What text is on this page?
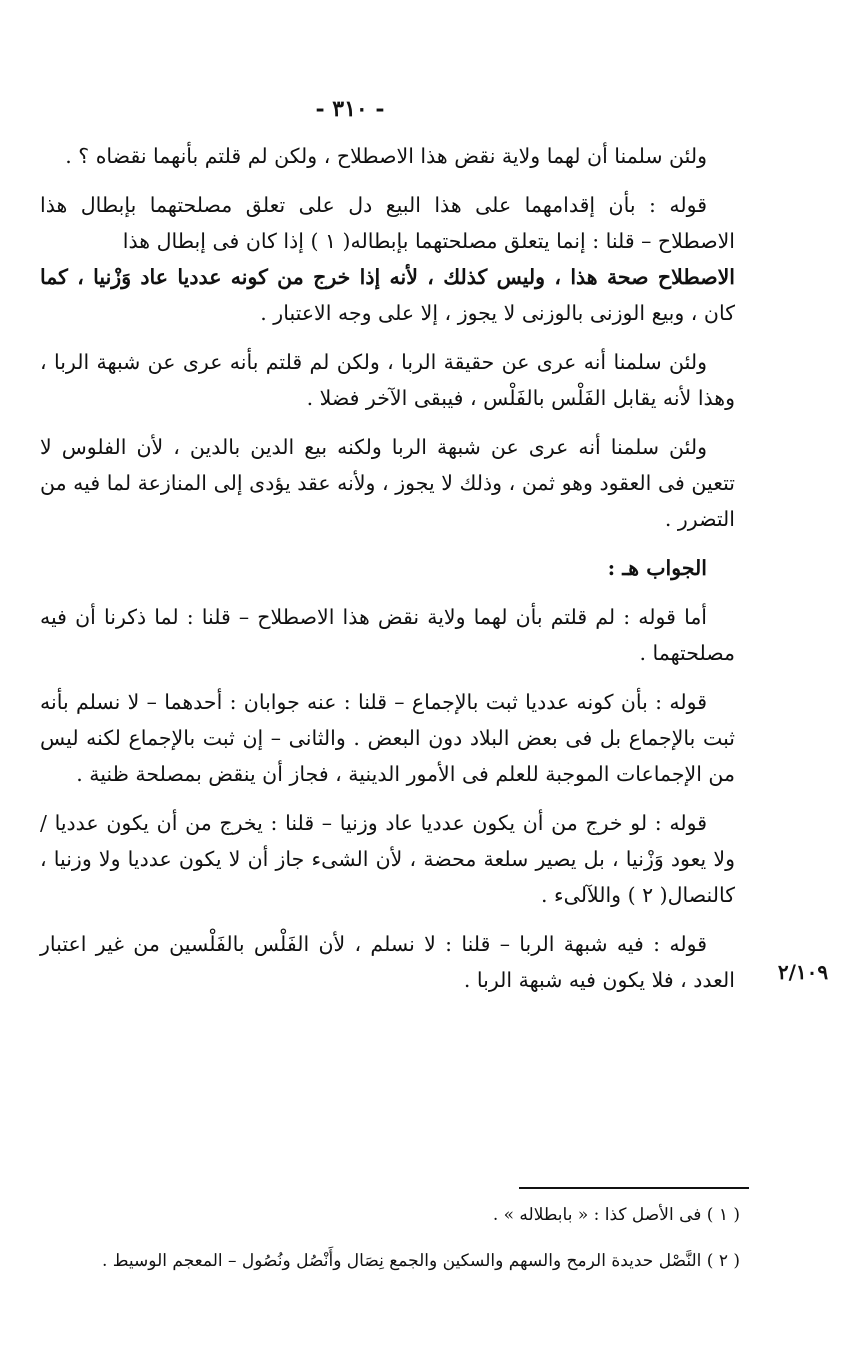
- ٣١٠ -

ولئن سلمنا أن لهما ولاية نقض هذا الاصطلاح ، ولكن لم قلتم بأنهما نقضاه ؟ .

قوله : بأن إقدامهما على هذا البيع دل على تعلق مصلحتهما بإبطال هذا الاصطلاح – قلنا : إنما يتعلق مصلحتهما بإبطاله( ١ ) إذا كان فى إبطال هذا

الاصطلاح صحة هذا ، وليس كذلك ، لأنه إذا خرج من كونه عدديا عاد وَزْنيا ، كما كان ، وبيع الوزنى بالوزنى لا يجوز ، إلا على وجه الاعتبار .

ولئن سلمنا أنه عرى عن حقيقة الربا ، ولكن لم قلتم بأنه عرى عن شبهة الربا ، وهذا لأنه يقابل الفَلْس بالفَلْس ، فيبقى الآخر فضلا .

ولئن سلمنا أنه عرى عن شبهة الربا ولكنه بيع الدين بالدين ، لأن الفلوس لا تتعين فى العقود وهو ثمن ، وذلك لا يجوز ، ولأنه عقد يؤدى إلى المنازعة لما فيه من التضرر .

الجواب هـ :

أما قوله : لم قلتم بأن لهما ولاية نقض هذا الاصطلاح – قلنا : لما ذكرنا أن فيه مصلحتهما .

قوله : بأن كونه عدديا ثبت بالإجماع – قلنا : عنه جوابان : أحدهما – لا نسلم بأنه ثبت بالإجماع بل فى بعض البلاد دون البعض . والثانى – إن ثبت بالإجماع لكنه ليس من الإجماعات الموجبة للعلم فى الأمور الدينية ، فجاز أن ينقض بمصلحة ظنية .

قوله : لو خرج من أن يكون عدديا عاد وزنيا – قلنا : يخرج من أن يكون عدديا / ولا يعود وَزْنيا ، بل يصير سلعة محضة ، لأن الشىء جاز أن لا يكون عدديا ولا وزنيا ، كالنصال( ٢ ) واللآلىء .

قوله : فيه شبهة الربا – قلنا : لا نسلم ، لأن الفَلْس بالفَلْسين من غير اعتبار العدد ، فلا يكون فيه شبهة الربا .	٢/١٠٩

( ١ ) فى الأصل كذا : « بابطلاله » .

( ٢ ) النَّصْل حديدة الرمح والسهم والسكين والجمع نِصَال وأَنْصُل ونُصُول – المعجم الوسيط .
